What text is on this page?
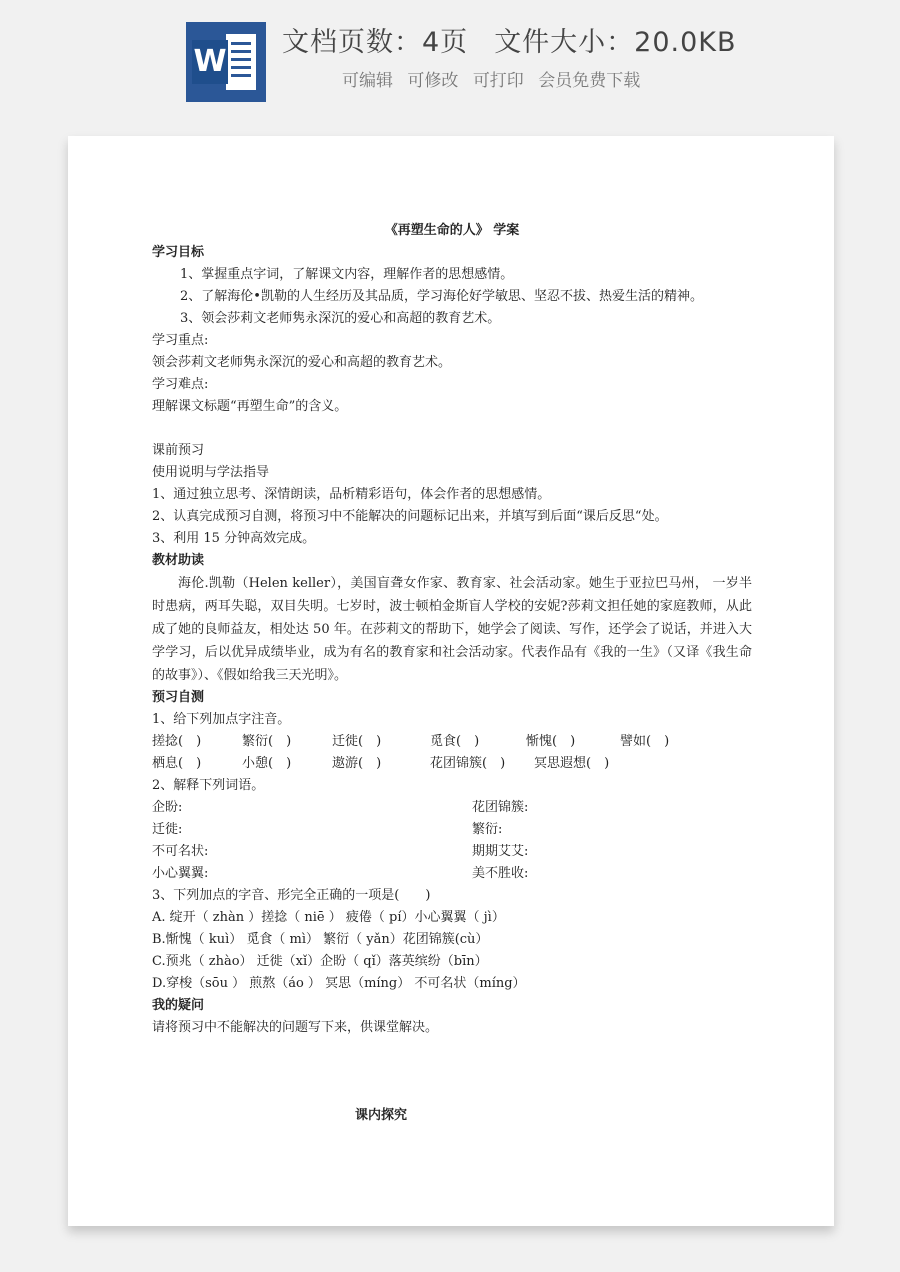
W
文档页数：4页 文件大小：20.0KB
可编辑 可修改 可打印 会员免费下载
《再塑生命的人》 学案
学习目标
1、掌握重点字词，了解课文内容，理解作者的思想感情。
2、了解海伦•凯勒的人生经历及其品质，学习海伦好学敏思、坚忍不拔、热爱生活的精神。
3、领会莎莉文老师隽永深沉的爱心和高超的教育艺术。
学习重点:
领会莎莉文老师隽永深沉的爱心和高超的教育艺术。
学习难点:
理解课文标题“再塑生命”的含义。
课前预习
使用说明与学法指导
1、通过独立思考、深情朗读，品析精彩语句，体会作者的思想感情。
2、认真完成预习自测，将预习中不能解决的问题标记出来，并填写到后面“课后反思“处。
3、利用 15 分钟高效完成。
教材助读
海伦.凯勒（Helen keller），美国盲聋女作家、教育家、社会活动家。她生于亚拉巴马州， 一岁半时患病，两耳失聪，双目失明。七岁时，波士顿柏金斯盲人学校的安妮?莎莉文担任她的家庭教师，从此成了她的良师益友，相处达 50 年。在莎莉文的帮助下，她学会了阅读、写作，还学会了说话，并进入大学学习，后以优异成绩毕业，成为有名的教育家和社会活动家。代表作品有《我的一生》（又译《我生命的故事》）、《假如给我三天光明》。
预习自测
1、给下列加点字注音。
搓捻(　)	繁衍(　)	迁徙(　)	觅食(　)	惭愧(　)	譬如(　)
栖息(　)	小憩(　)	遨游(　)	花团锦簇(　)	冥思遐想(　)
2、解释下列词语。
企盼:	花团锦簇:
迁徙:	繁衍:
不可名状:	期期艾艾:
小心翼翼:	美不胜收:
3、下列加点的字音、形完全正确的一项是(　　)
A. 绽开（ zhàn ）搓捻（ niē ） 疲倦（ pí）小心翼翼（ jì）
B.惭愧（ kuì） 觅食（ mì） 繁衍（ yǎn）花团锦簇(cù）
C.预兆（ zhào） 迁徙（xǐ）企盼（ qǐ）落英缤纷（bīn）
D.穿梭（sōu ） 煎熬（áo ） 冥思（míng） 不可名状（míng）
我的疑问
请将预习中不能解决的问题写下来，供课堂解决。
课内探究
